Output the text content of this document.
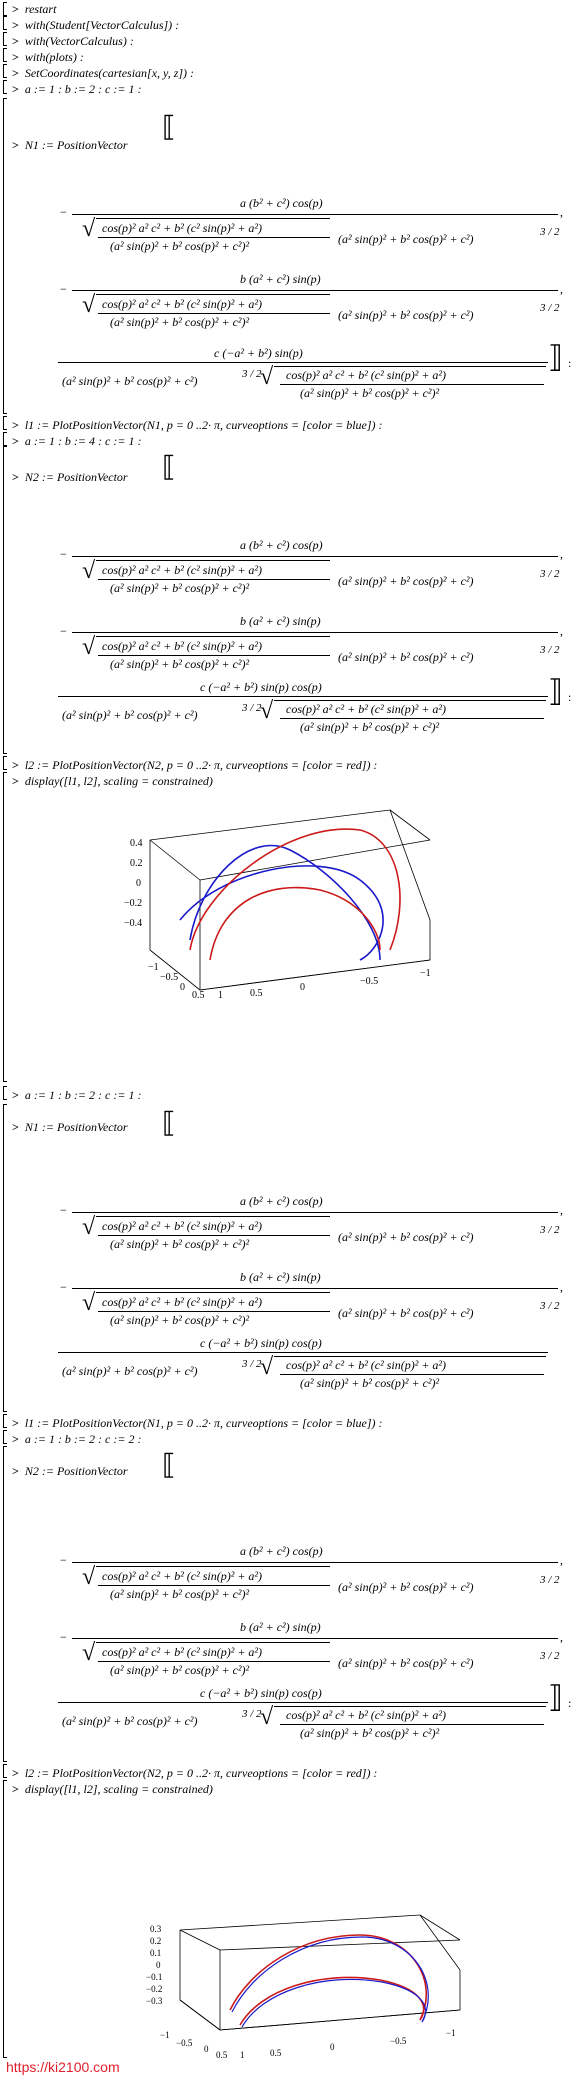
> restart
> with(Student[VectorCalculus]) :
> with(VectorCalculus) :
> with(plots) :
> SetCoordinates(cartesian[x, y, z]) :
> a := 1 : b := 2 : c := 1 :
> N1 := PositionVector
⟦
−
a (b² + c²) cos(p)
√ cos(p)² a² c² + b² (c² sin(p)² + a²)
(a² sin(p)² + b² cos(p)² + c²)²	(a² sin(p)² + b² cos(p)² + c²)	3 / 2
,
−
b (a² + c²) sin(p)
√ cos(p)² a² c² + b² (c² sin(p)² + a²)
(a² sin(p)² + b² cos(p)² + c²)²	(a² sin(p)² + b² cos(p)² + c²)	3 / 2
,
c (−a² + b²) sin(p)
(a² sin(p)² + b² cos(p)² + c²)	3 / 2
√ cos(p)² a² c² + b² (c² sin(p)² + a²)
(a² sin(p)² + b² cos(p)² + c²)²
⟧ :
> l1 := PlotPositionVector(N1, p = 0 ..2· π, curveoptions = [color = blue]) :
> a := 1 : b := 4 : c := 1 :
> N2 := PositionVector ⟦
−
a (b² + c²) cos(p)
√ cos(p)² a² c² + b² (c² sin(p)² + a²)
(a² sin(p)² + b² cos(p)² + c²)²	(a² sin(p)² + b² cos(p)² + c²)	3 / 2
,
−
b (a² + c²) sin(p)
√ cos(p)² a² c² + b² (c² sin(p)² + a²)
(a² sin(p)² + b² cos(p)² + c²)²	(a² sin(p)² + b² cos(p)² + c²)	3 / 2
,
c (−a² + b²) sin(p) cos(p)
(a² sin(p)² + b² cos(p)² + c²)	3 / 2
√ cos(p)² a² c² + b² (c² sin(p)² + a²)
(a² sin(p)² + b² cos(p)² + c²)²
⟧ :
> l2 := PlotPositionVector(N2, p = 0 ..2· π, curveoptions = [color = red]) :
> display([l1, l2], scaling = constrained)
0.4
0.2
0
−0.2
−0.4
−1
−0.5
0
0.5 1	0.5
0
−0.5
−1
> a := 1 : b := 2 : c := 1 :
> N1 := PositionVector ⟦
−
a (b² + c²) cos(p)
√ cos(p)² a² c² + b² (c² sin(p)² + a²)
(a² sin(p)² + b² cos(p)² + c²)²	(a² sin(p)² + b² cos(p)² + c²)	3 / 2
,
−
b (a² + c²) sin(p)
√ cos(p)² a² c² + b² (c² sin(p)² + a²)
(a² sin(p)² + b² cos(p)² + c²)²	(a² sin(p)² + b² cos(p)² + c²)	3 / 2
,
c (−a² + b²) sin(p) cos(p)
(a² sin(p)² + b² cos(p)² + c²)	3 / 2
√ cos(p)² a² c² + b² (c² sin(p)² + a²)
(a² sin(p)² + b² cos(p)² + c²)²
> l1 := PlotPositionVector(N1, p = 0 ..2· π, curveoptions = [color = blue]) :
> a := 1 : b := 2 : c := 2 :
> N2 := PositionVector ⟦
−
a (b² + c²) cos(p)
√ cos(p)² a² c² + b² (c² sin(p)² + a²)
(a² sin(p)² + b² cos(p)² + c²)²	(a² sin(p)² + b² cos(p)² + c²)	3 / 2
,
−
b (a² + c²) sin(p)
√ cos(p)² a² c² + b² (c² sin(p)² + a²)
(a² sin(p)² + b² cos(p)² + c²)²	(a² sin(p)² + b² cos(p)² + c²)	3 / 2
,
c (−a² + b²) sin(p) cos(p)
(a² sin(p)² + b² cos(p)² + c²)	3 / 2
√ cos(p)² a² c² + b² (c² sin(p)² + a²)
(a² sin(p)² + b² cos(p)² + c²)²
⟧ :
> l2 := PlotPositionVector(N2, p = 0 ..2· π, curveoptions = [color = red]) :
> display([l1, l2], scaling = constrained)
0.3
0.2
0.1
0
−0.1
−0.2
−0.3
−1
−0.5
0
0.5 1	0.5
0
−0.5
−1
https://ki2100.com
